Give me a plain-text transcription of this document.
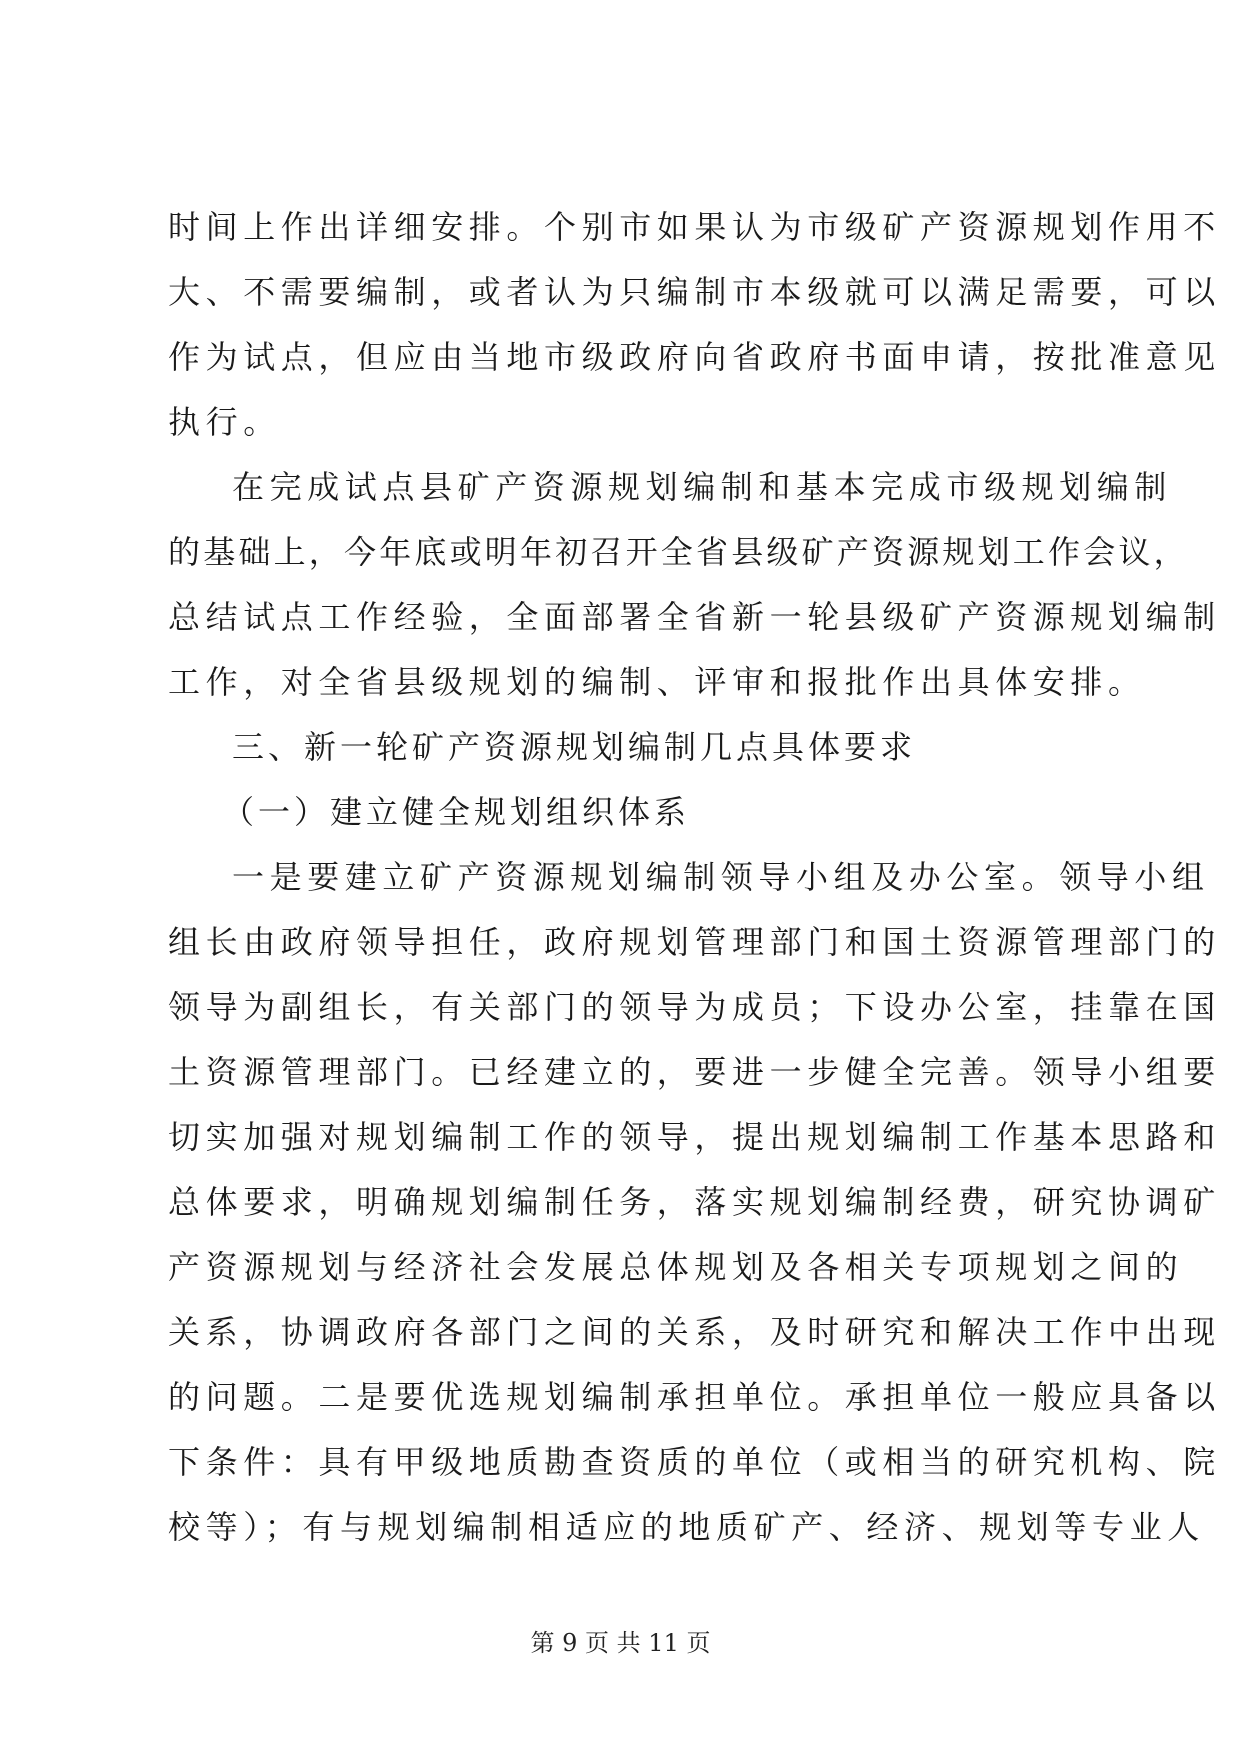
时间上作出详细安排。个别市如果认为市级矿产资源规划作用不
大、不需要编制，或者认为只编制市本级就可以满足需要，可以
作为试点，但应由当地市级政府向省政府书面申请，按批准意见
执行。
在完成试点县矿产资源规划编制和基本完成市级规划编制
的基础上，今年底或明年初召开全省县级矿产资源规划工作会议，
总结试点工作经验，全面部署全省新一轮县级矿产资源规划编制
工作，对全省县级规划的编制、评审和报批作出具体安排。
三、新一轮矿产资源规划编制几点具体要求
（一）建立健全规划组织体系
一是要建立矿产资源规划编制领导小组及办公室。领导小组
组长由政府领导担任，政府规划管理部门和国土资源管理部门的
领导为副组长，有关部门的领导为成员；下设办公室，挂靠在国
土资源管理部门。已经建立的，要进一步健全完善。领导小组要
切实加强对规划编制工作的领导，提出规划编制工作基本思路和
总体要求，明确规划编制任务，落实规划编制经费，研究协调矿
产资源规划与经济社会发展总体规划及各相关专项规划之间的
关系，协调政府各部门之间的关系，及时研究和解决工作中出现
的问题。二是要优选规划编制承担单位。承担单位一般应具备以
下条件：具有甲级地质勘查资质的单位（或相当的研究机构、院
校等）；有与规划编制相适应的地质矿产、经济、规划等专业人
第 9 页 共 11 页
